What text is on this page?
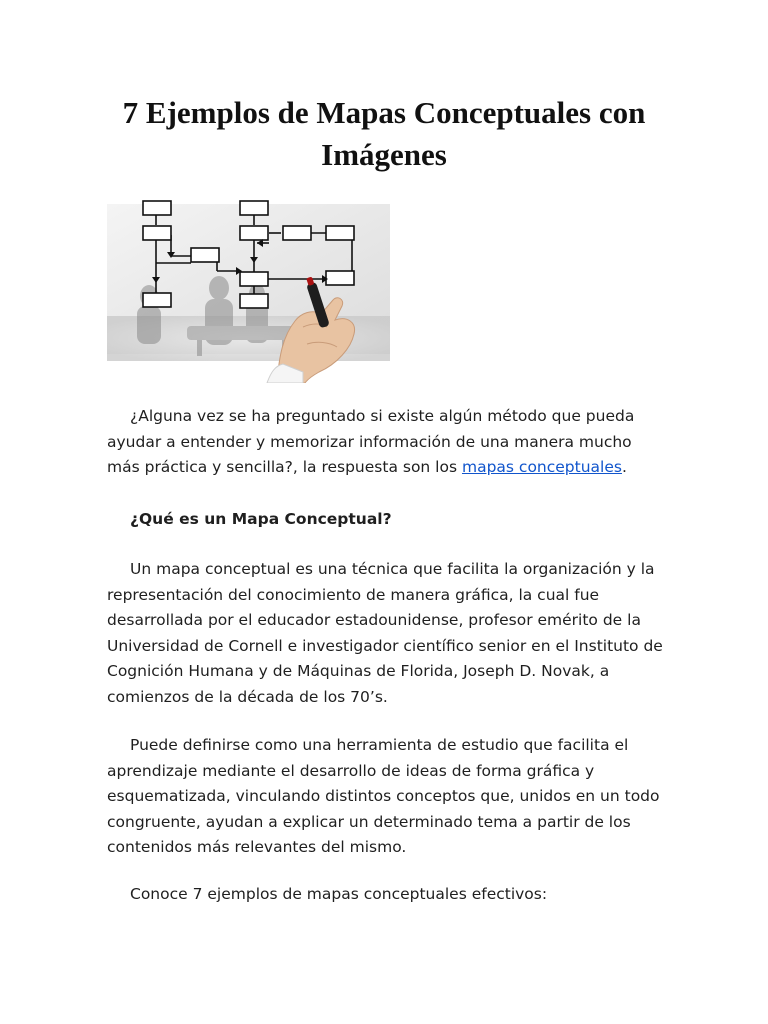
7 Ejemplos de Mapas Conceptuales con Imágenes

¿Alguna vez se ha preguntado si existe algún método que pueda ayudar a entender y memorizar información de una manera mucho más práctica y sencilla?, la respuesta son los mapas conceptuales.

¿Qué es un Mapa Conceptual?

Un mapa conceptual es una técnica que facilita la organización y la representación del conocimiento de manera gráfica, la cual fue desarrollada por el educador estadounidense, profesor emérito de la Universidad de Cornell e investigador científico senior en el Instituto de Cognición Humana y de Máquinas de Florida, Joseph D. Novak, a comienzos de la década de los 70’s.

Puede definirse como una herramienta de estudio que facilita el aprendizaje mediante el desarrollo de ideas de forma gráfica y esquematizada, vinculando distintos conceptos que, unidos en un todo congruente, ayudan a explicar un determinado tema a partir de los contenidos más relevantes del mismo.

Conoce 7 ejemplos de mapas conceptuales efectivos:
